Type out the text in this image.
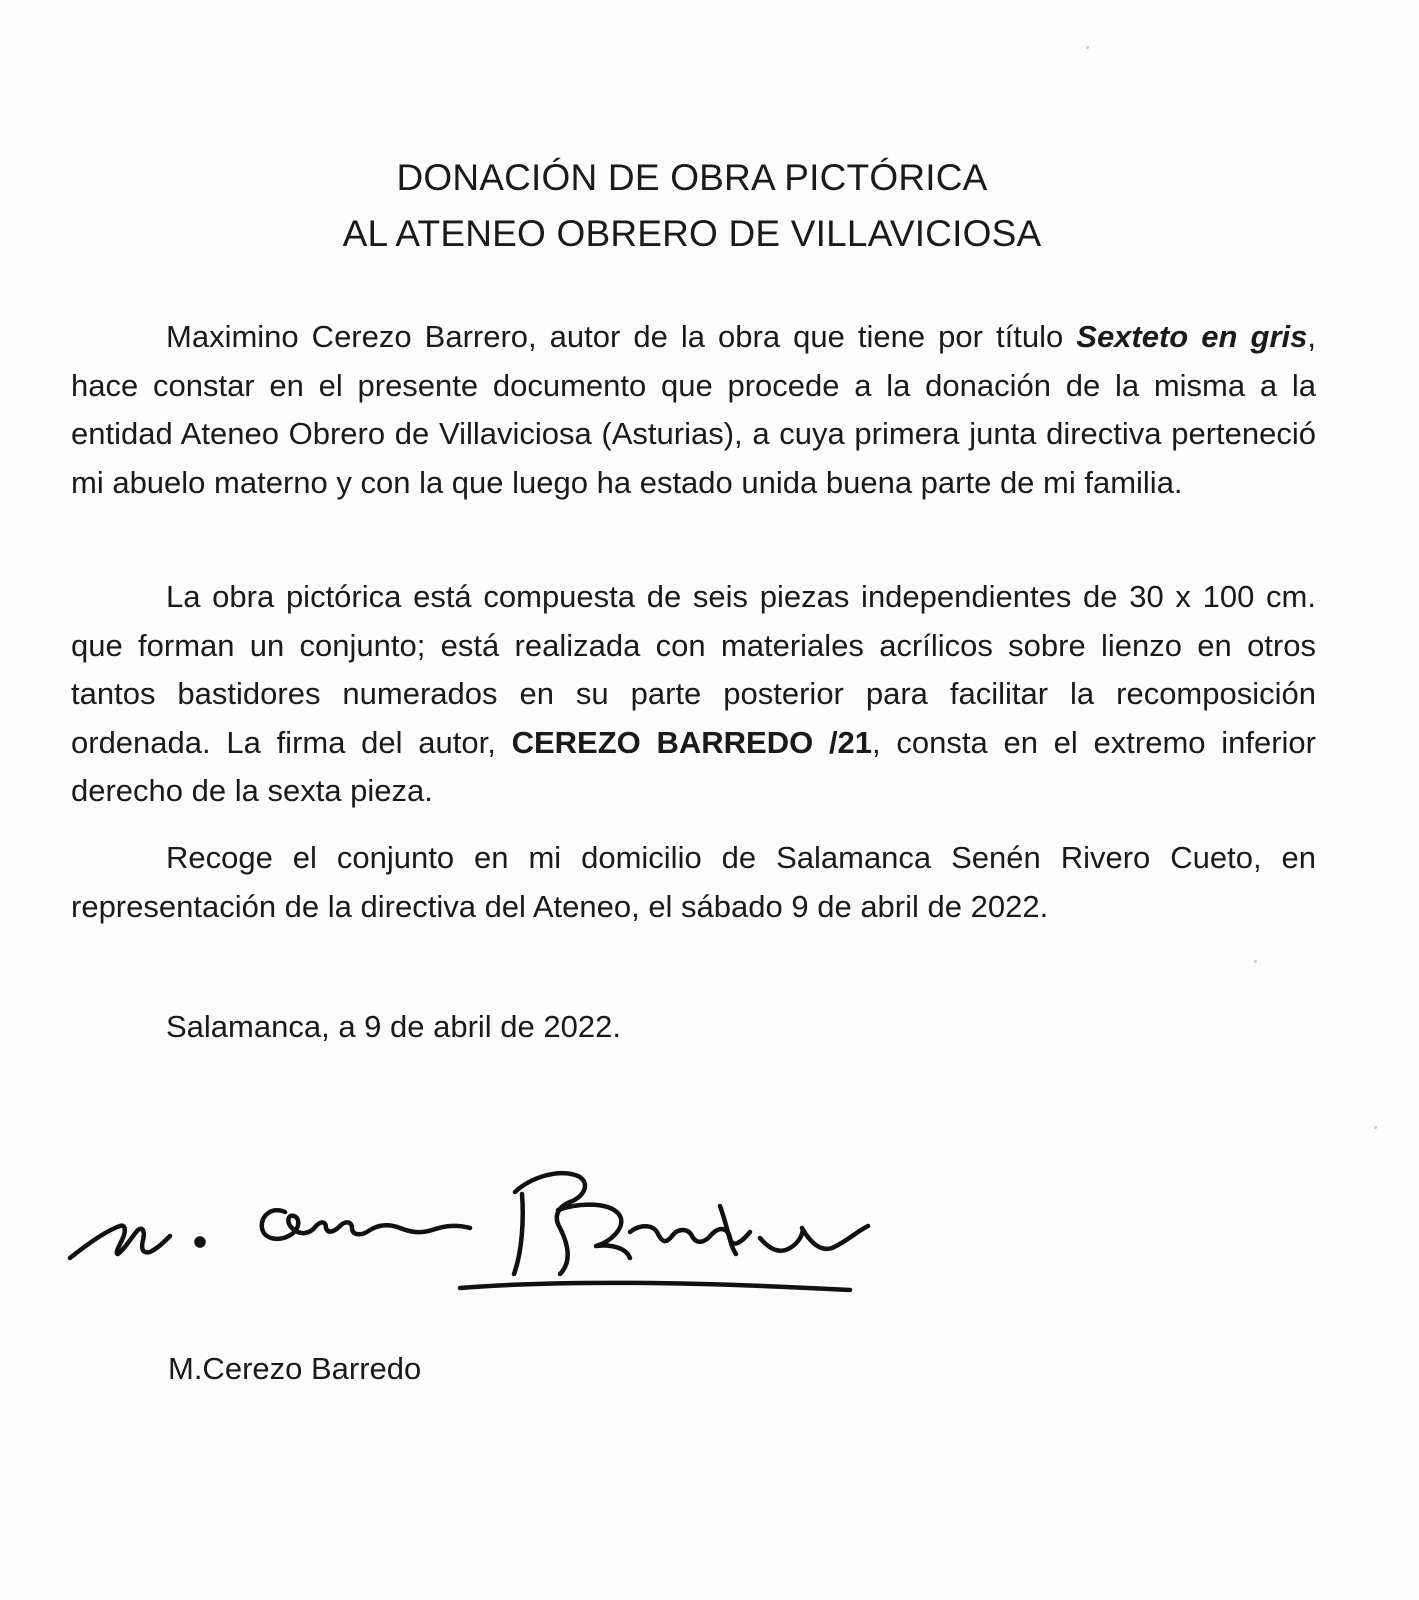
DONACIÓN DE OBRA PICTÓRICA
AL ATENEO OBRERO DE VILLAVICIOSA

Maximino Cerezo Barrero, autor de la obra que tiene por título Sexteto en gris, hace constar en el presente documento que procede a la donación de la misma a la entidad Ateneo Obrero de Villaviciosa (Asturias), a cuya primera junta directiva perteneció mi abuelo materno y con la que luego ha estado unida buena parte de mi familia.

La obra pictórica está compuesta de seis piezas independientes de 30 x 100 cm. que forman un conjunto; está realizada con materiales acrílicos sobre lienzo en otros tantos bastidores numerados en su parte posterior para facilitar la recomposición ordenada. La firma del autor, CEREZO BARREDO /21, consta en el extremo inferior derecho de la sexta pieza.

Recoge el conjunto en mi domicilio de Salamanca Senén Rivero Cueto, en representación de la directiva del Ateneo, el sábado 9 de abril de 2022.

Salamanca, a 9 de abril de 2022.

M.Cerezo Barredo
